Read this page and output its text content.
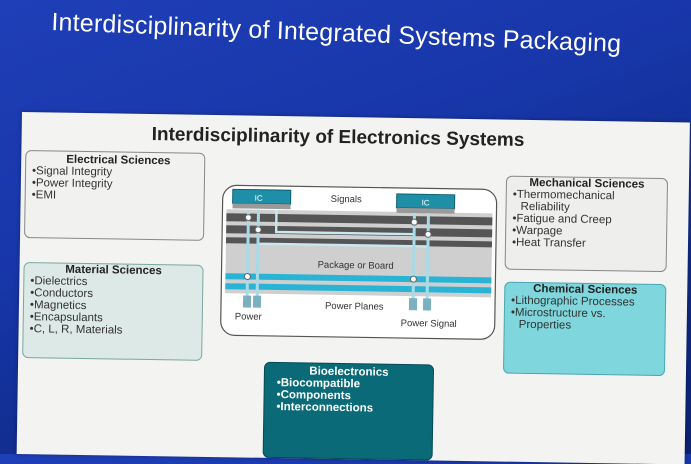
Interdisciplinarity of Integrated Systems Packaging
Interdisciplinarity of Electronics Systems
Electrical Sciences
• Signal Integrity
• Power Integrity
• EMI
Material Sciences
• Dielectrics
• Conductors
• Magnetics
• Encapsulants
• C, L, R, Materials
Mechanical Sciences
• Thermomechanical
Reliability
• Fatigue and Creep
• Warpage
• Heat Transfer
Chemical Sciences
• Lithographic Processes
• Microstructure vs.
Properties
Bioelectronics
• Biocompatible
• Components
• Interconnections
IC
IC
Signals
Package or Board
Power Planes
Power
Power Signal
